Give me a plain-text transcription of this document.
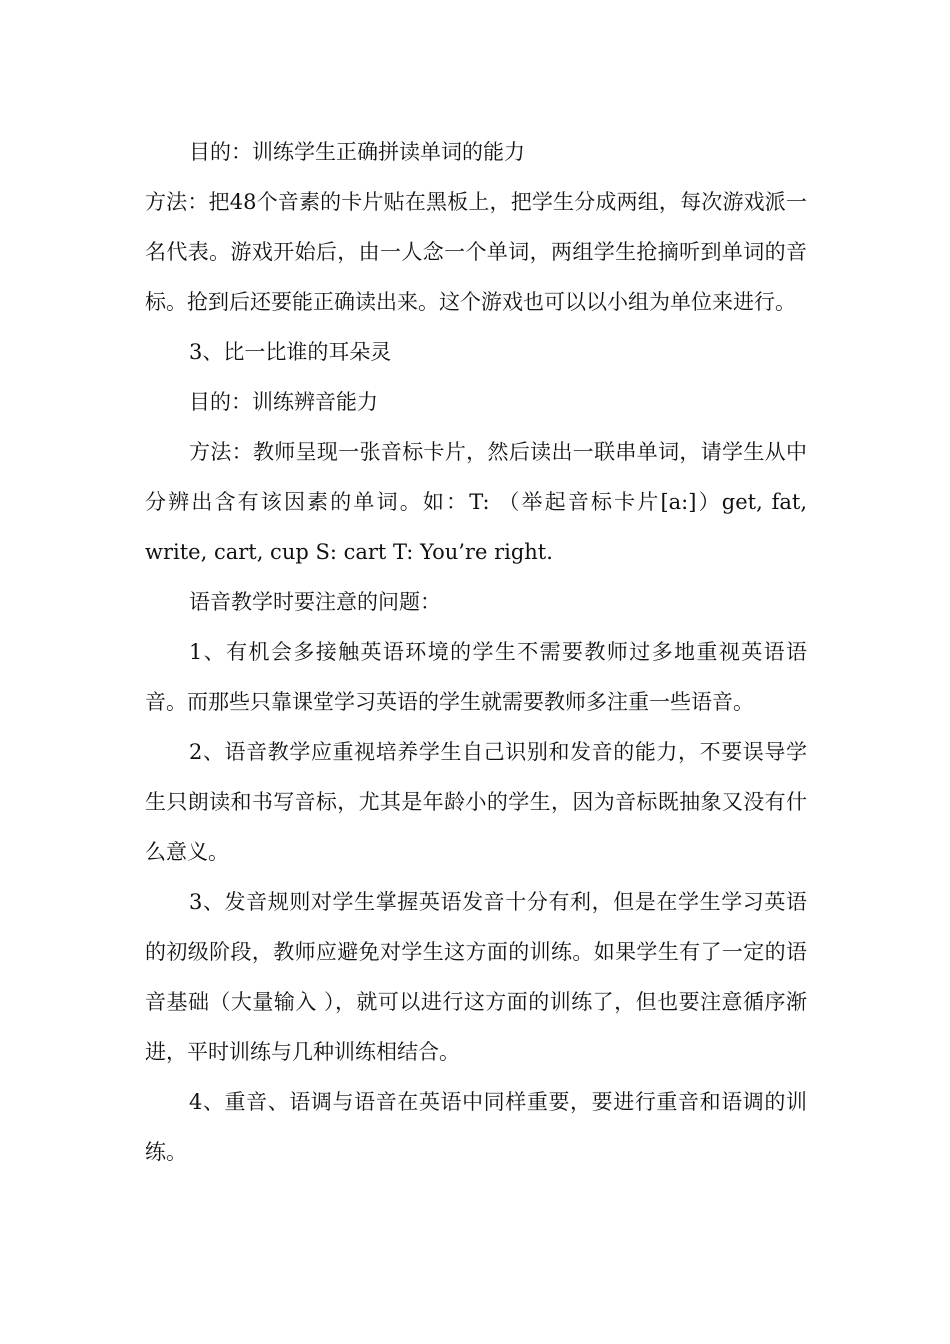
目的：训练学生正确拼读单词的能力

方法：把48个音素的卡片贴在黑板上，把学生分成两组，每次游戏派一名代表。游戏开始后，由一人念一个单词，两组学生抢摘听到单词的音标。抢到后还要能正确读出来。这个游戏也可以以小组为单位来进行。

3、比一比谁的耳朵灵

目的：训练辨音能力

方法：教师呈现一张音标卡片，然后读出一联串单词，请学生从中分辨出含有该因素的单词。如：T: （举起音标卡片[a:]）get, fat, write, cart, cup S: cart T: You’re right.

语音教学时要注意的问题：

1、有机会多接触英语环境的学生不需要教师过多地重视英语语音。而那些只靠课堂学习英语的学生就需要教师多注重一些语音。

2、语音教学应重视培养学生自己识别和发音的能力，不要误导学生只朗读和书写音标，尤其是年龄小的学生，因为音标既抽象又没有什么意义。

3、发音规则对学生掌握英语发音十分有利，但是在学生学习英语的初级阶段，教师应避免对学生这方面的训练。如果学生有了一定的语音基础（大量输入 ），就可以进行这方面的训练了，但也要注意循序渐进，平时训练与几种训练相结合。

4、重音、语调与语音在英语中同样重要，要进行重音和语调的训练。
